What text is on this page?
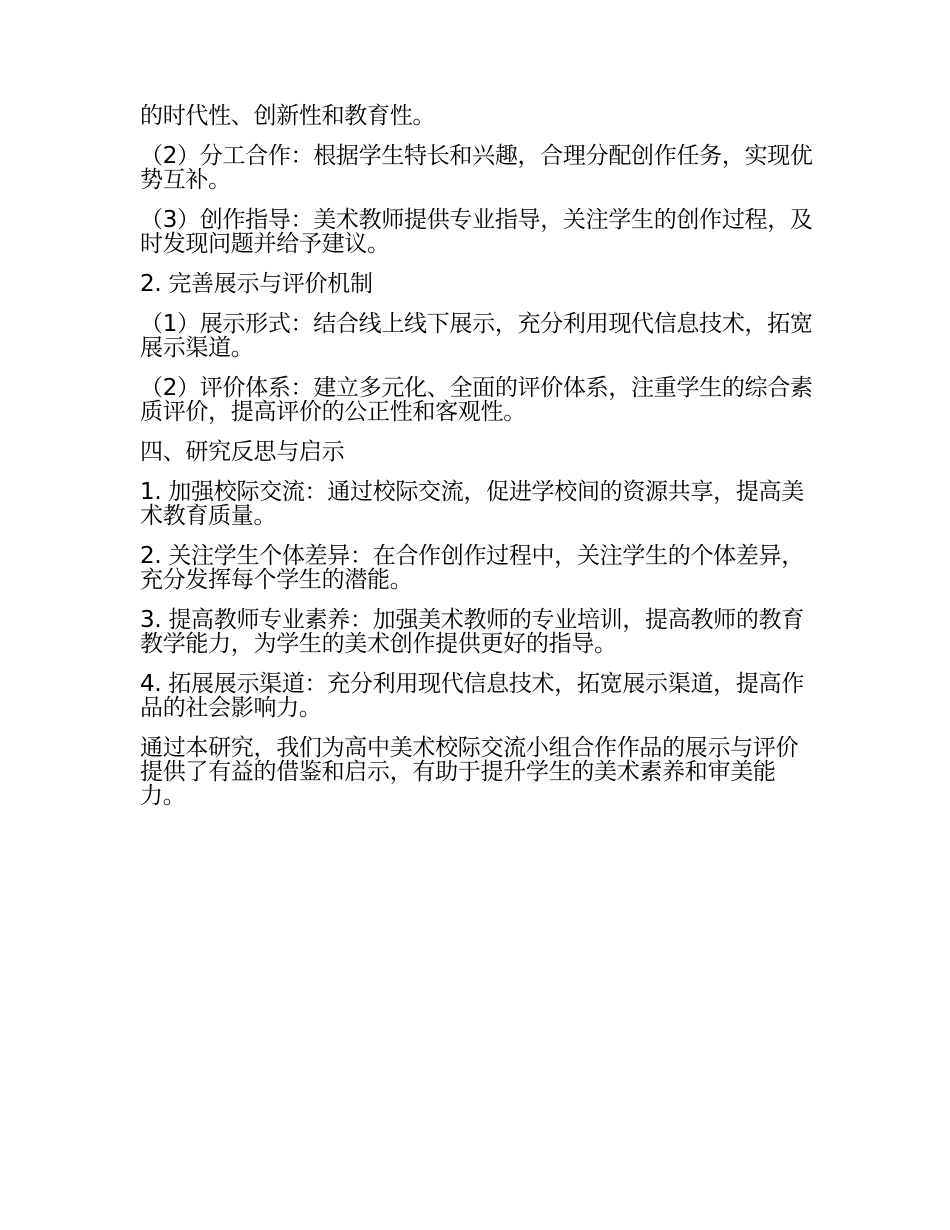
的时代性、创新性和教育性。

（2）分工合作：根据学生特长和兴趣，合理分配创作任务，实现优势互补。

（3）创作指导：美术教师提供专业指导，关注学生的创作过程，及时发现问题并给予建议。

2. 完善展示与评价机制

（1）展示形式：结合线上线下展示，充分利用现代信息技术，拓宽展示渠道。

（2）评价体系：建立多元化、全面的评价体系，注重学生的综合素质评价，提高评价的公正性和客观性。

四、研究反思与启示

1. 加强校际交流：通过校际交流，促进学校间的资源共享，提高美术教育质量。

2. 关注学生个体差异：在合作创作过程中，关注学生的个体差异，充分发挥每个学生的潜能。

3. 提高教师专业素养：加强美术教师的专业培训，提高教师的教育教学能力，为学生的美术创作提供更好的指导。

4. 拓展展示渠道：充分利用现代信息技术，拓宽展示渠道，提高作品的社会影响力。

通过本研究，我们为高中美术校际交流小组合作作品的展示与评价提供了有益的借鉴和启示，有助于提升学生的美术素养和审美能力。
